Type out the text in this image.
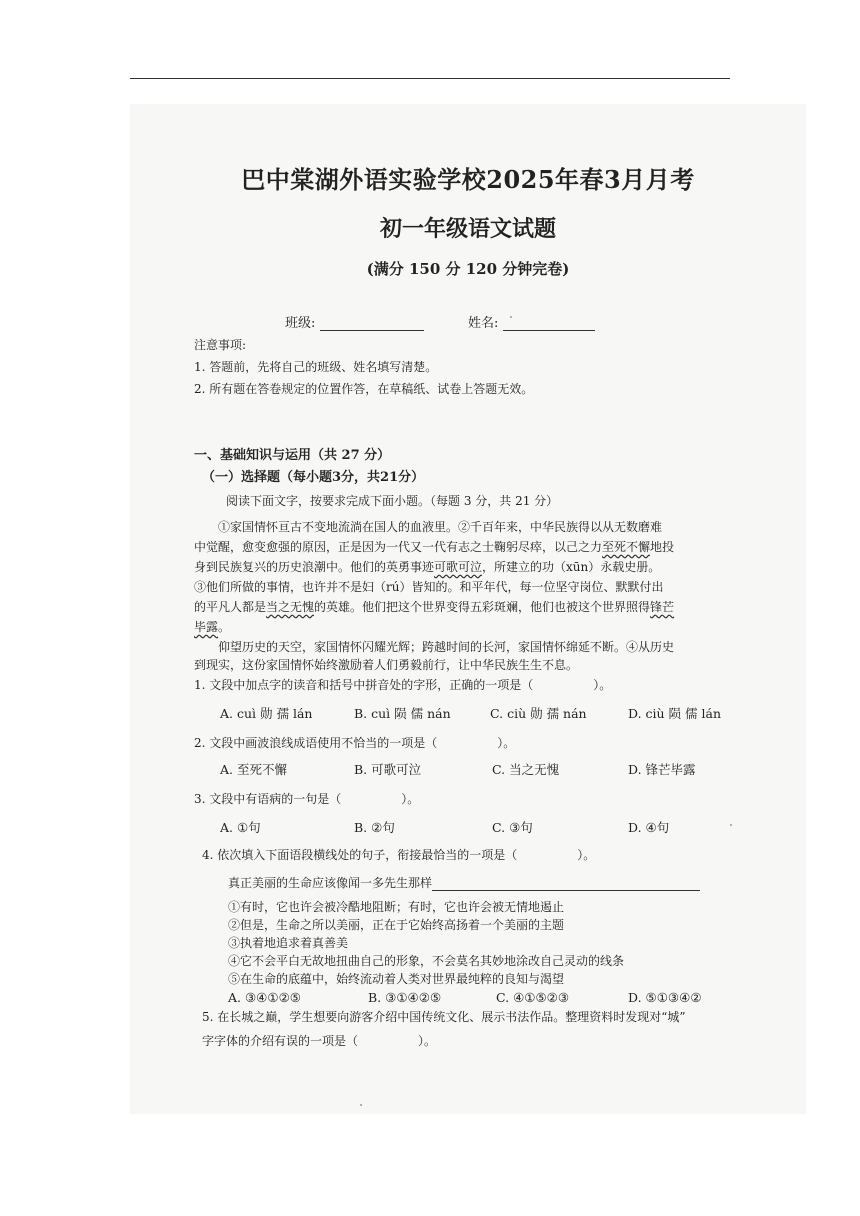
巴中棠湖外语实验学校2025年春3月月考
初一年级语文试题
(满分 150 分 120 分钟完卷)
班级:	姓名:
注意事项:
1. 答题前，先将自己的班级、姓名填写清楚。
2. 所有题在答卷规定的位置作答，在草稿纸、试卷上答题无效。
一、基础知识与运用（共 27 分）
（一）选择题（每小题3分，共21分）
阅读下面文字，按要求完成下面小题。（每题 3 分，共 21 分）
①家国情怀亘古不变地流淌在国人的血液里。②千百年来，中华民族得以从无数磨难
中觉醒，愈变愈强的原因，正是因为一代又一代有志之士鞠躬尽瘁，以己之力至死不懈地投
身到民族复兴的历史浪潮中。他们的英勇事迹可歌可泣，所建立的功（xūn）永载史册。
③他们所做的事情，也许并不是妇（rú）皆知的。和平年代，每一位坚守岗位、默默付出
的平凡人都是当之无愧的英雄。他们把这个世界变得五彩斑斓，他们也被这个世界照得锋芒
毕露。
仰望历史的天空，家国情怀闪耀光辉；跨越时间的长河，家国情怀绵延不断。④从历史
到现实，这份家国情怀始终激励着人们勇毅前行，让中华民族生生不息。
1. 文段中加点字的读音和括号中拼音处的字形，正确的一项是（	）。
A. cuì 勋 孺 lán	B. cuì 陨 儒 nán	C. ciù 勋 孺 nán	D. ciù 陨 儒 lán
2. 文段中画波浪线成语使用不恰当的一项是（	）。
A. 至死不懈	B. 可歌可泣	C. 当之无愧	D. 锋芒毕露
3. 文段中有语病的一句是（	）。
A. ①句	B. ②句	C. ③句	D. ④句
4. 依次填入下面语段横线处的句子，衔接最恰当的一项是（	）。
真正美丽的生命应该像闻一多先生那样
①有时，它也许会被冷酷地阻断；有时，它也许会被无情地遏止
②但是，生命之所以美丽，正在于它始终高扬着一个美丽的主题
③执着地追求着真善美
④它不会平白无故地扭曲自己的形象，不会莫名其妙地涂改自己灵动的线条
⑤在生命的底蕴中，始终流动着人类对世界最纯粹的良知与渴望
A. ③④①②⑤	B. ③①④②⑤	C. ④①⑤②③	D. ⑤①③④②
5. 在长城之巅，学生想要向游客介绍中国传统文化、展示书法作品。整理资料时发现对“城”
字字体的介绍有误的一项是（	）。
